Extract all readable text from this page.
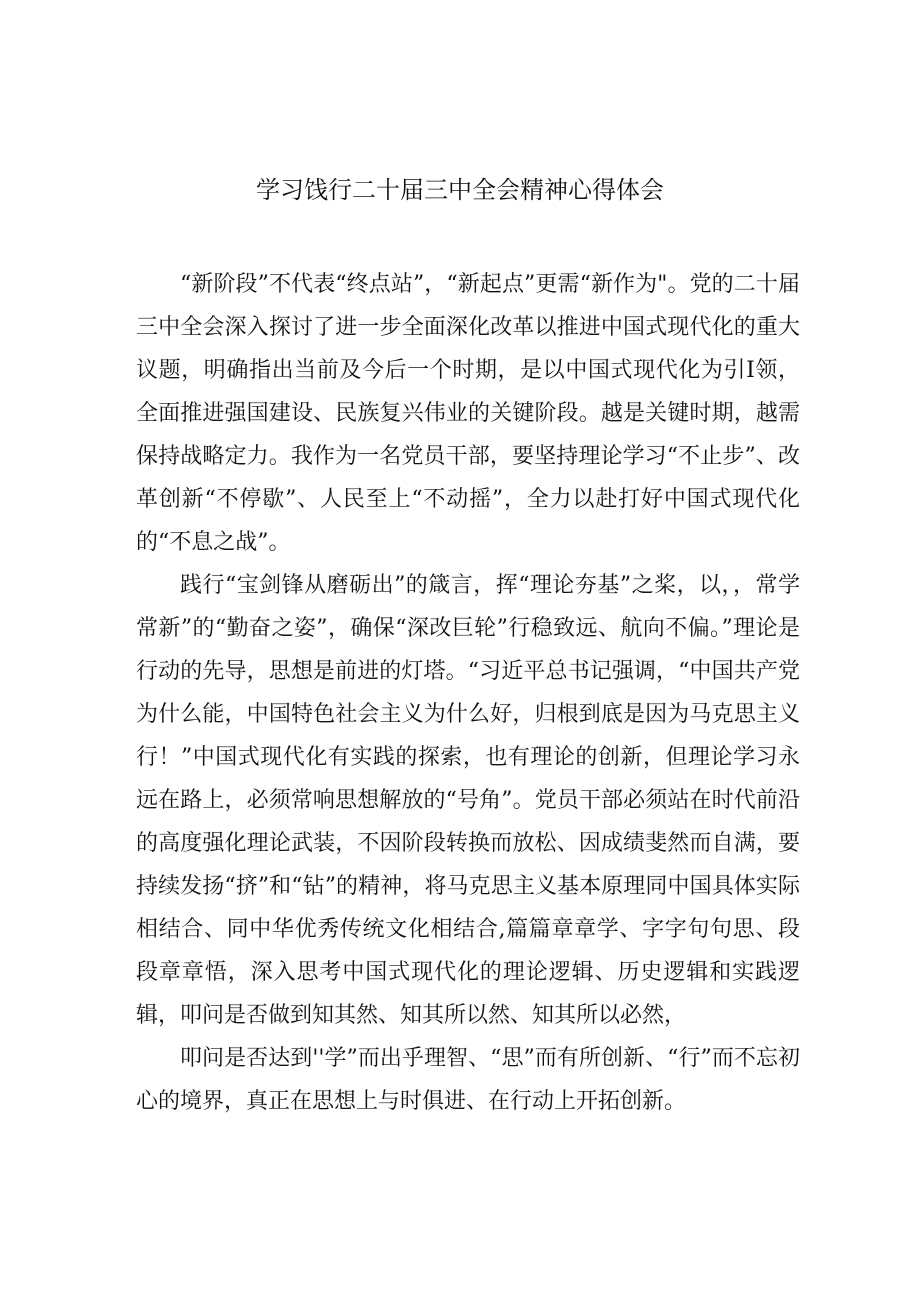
学习饯行二十届三中全会精神心得体会

“新阶段”不代表“终点站”，“新起点”更需“新作为"。党的二十届三中全会深入探讨了进一步全面深化改革以推进中国式现代化的重大议题，明确指出当前及今后一个时期，是以中国式现代化为引I领，全面推进强国建设、民族复兴伟业的关键阶段。越是关键时期，越需保持战略定力。我作为一名党员干部，要坚持理论学习“不止步”、改革创新“不停歇”、人民至上“不动摇”，全力以赴打好中国式现代化的“不息之战”。

践行“宝剑锋从磨砺出”的箴言，挥“理论夯基”之桨，以，，常学常新”的“勤奋之姿”，确保“深改巨轮”行稳致远、航向不偏。”理论是行动的先导，思想是前进的灯塔。“习近平总书记强调，“中国共产党为什么能，中国特色社会主义为什么好，归根到底是因为马克思主义行！”中国式现代化有实践的探索，也有理论的创新，但理论学习永远在路上，必须常响思想解放的“号角”。党员干部必须站在时代前沿的高度强化理论武装，不因阶段转换而放松、因成绩斐然而自满，要持续发扬“挤”和“钻”的精神，将马克思主义基本原理同中国具体实际相结合、同中华优秀传统文化相结合,篇篇章章学、字字句句思、段段章章悟，深入思考中国式现代化的理论逻辑、历史逻辑和实践逻辑，叩问是否做到知其然、知其所以然、知其所以必然，

叩问是否达到''学”而出乎理智、“思”而有所创新、“行”而不忘初心的境界，真正在思想上与时俱进、在行动上开拓创新。
